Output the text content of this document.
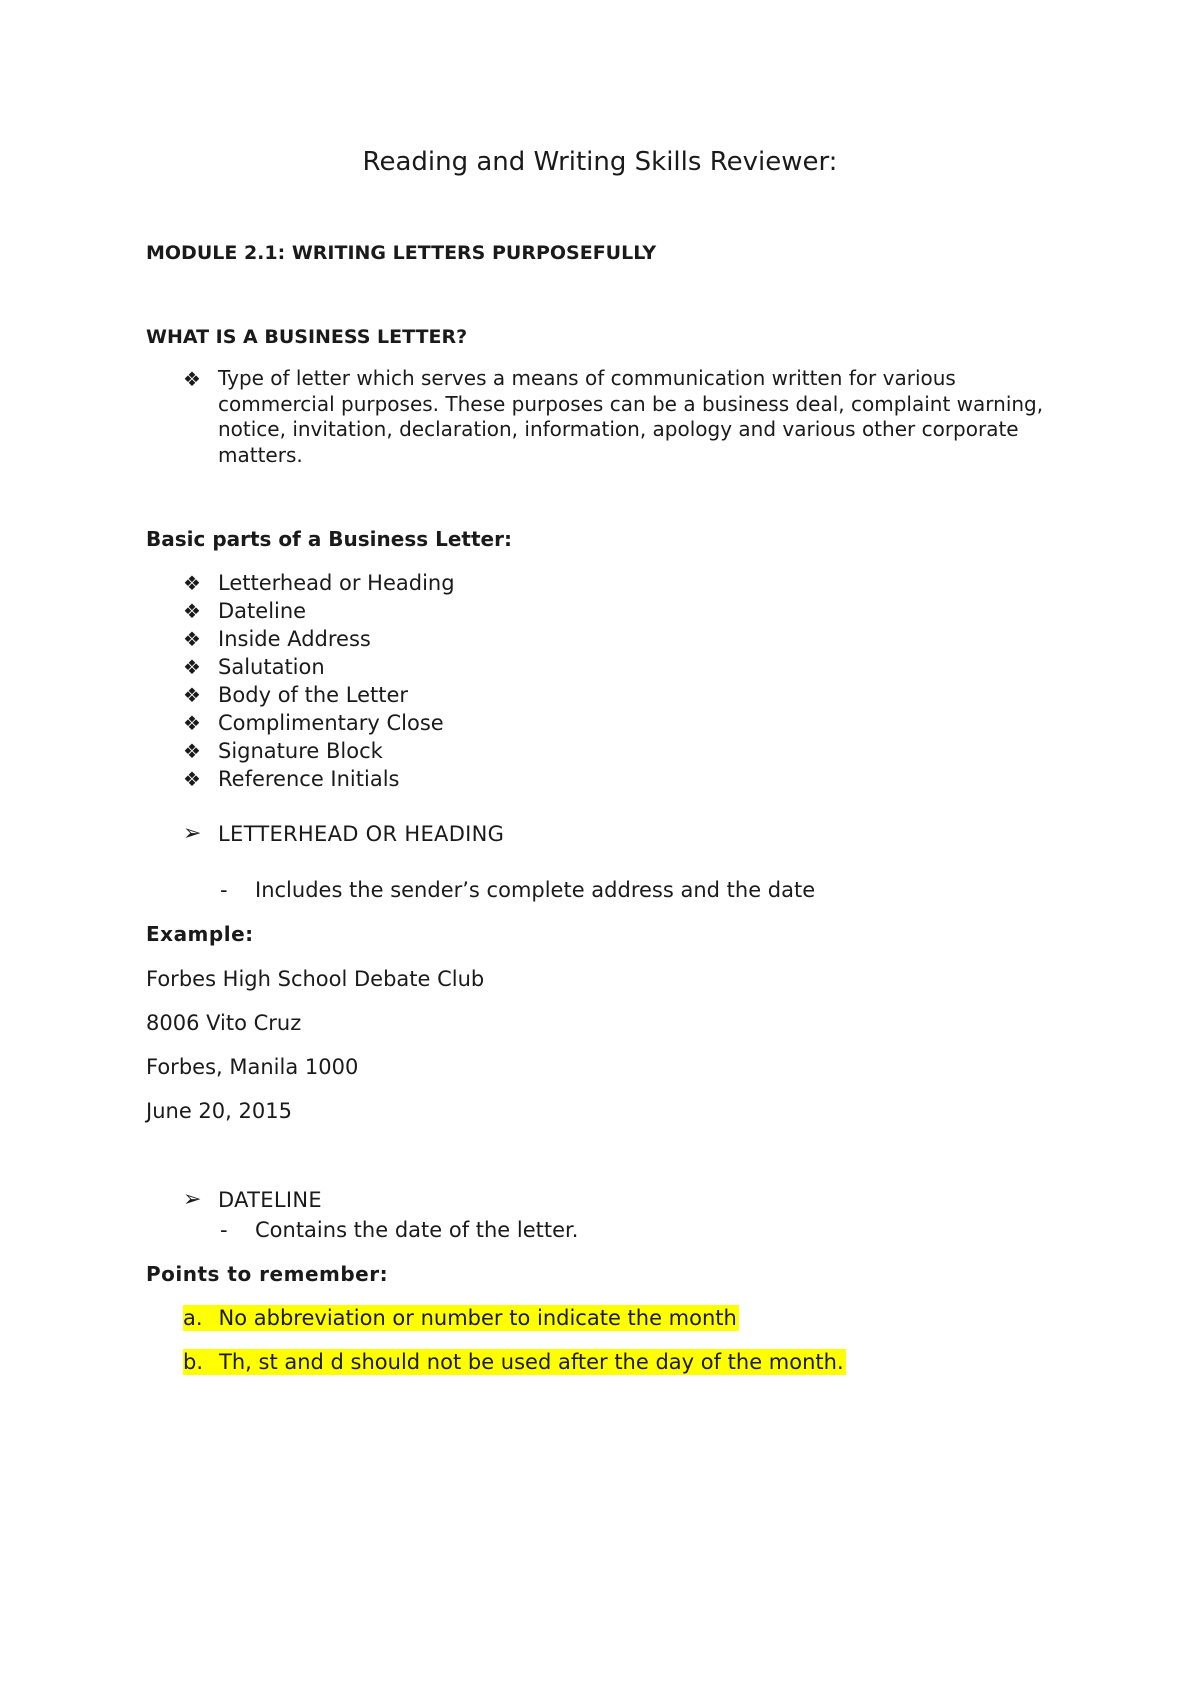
Reading and Writing Skills Reviewer:
MODULE 2.1: WRITING LETTERS PURPOSEFULLY
WHAT IS A BUSINESS LETTER?
❖ Type of letter which serves a means of communication written for various commercial purposes. These purposes can be a business deal, complaint warning, notice, invitation, declaration, information, apology and various other corporate matters.
Basic parts of a Business Letter:
❖ Letterhead or Heading
❖ Dateline
❖ Inside Address
❖ Salutation
❖ Body of the Letter
❖ Complimentary Close
❖ Signature Block
❖ Reference Initials
➢ LETTERHEAD OR HEADING
- Includes the sender’s complete address and the date
Example:
Forbes High School Debate Club
8006 Vito Cruz
Forbes, Manila 1000
June 20, 2015
➢ DATELINE
- Contains the date of the letter.
Points to remember:
a. No abbreviation or number to indicate the month
b. Th, st and d should not be used after the day of the month.
